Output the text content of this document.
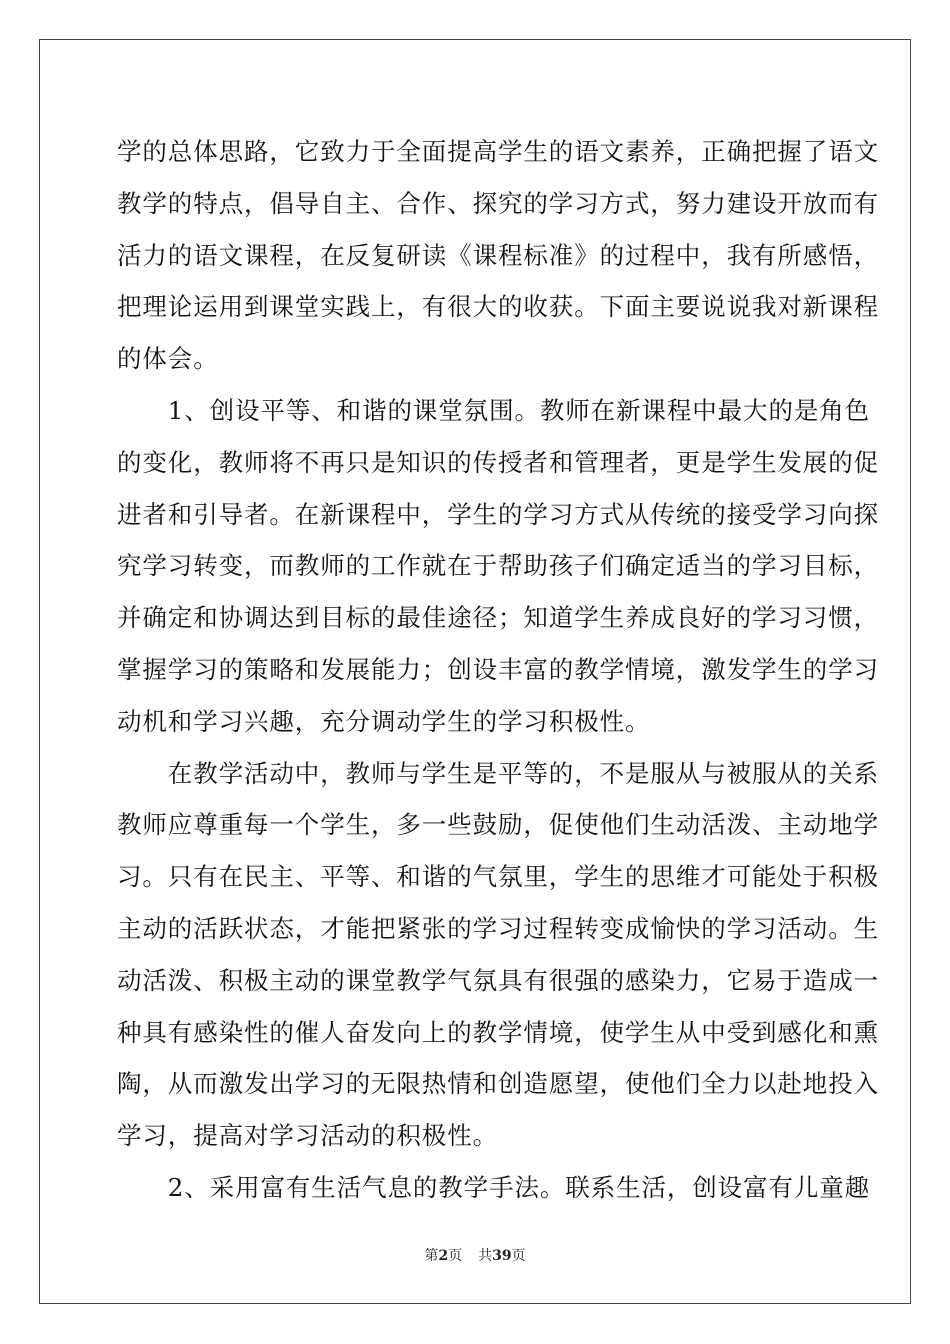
学的总体思路，它致力于全面提高学生的语文素养，正确把握了语文
教学的特点，倡导自主、合作、探究的学习方式，努力建设开放而有
活力的语文课程，在反复研读《课程标准》的过程中，我有所感悟，
把理论运用到课堂实践上，有很大的收获。下面主要说说我对新课程
的体会。
　　1、创设平等、和谐的课堂氛围。教师在新课程中最大的是角色
的变化，教师将不再只是知识的传授者和管理者，更是学生发展的促
进者和引导者。在新课程中，学生的学习方式从传统的接受学习向探
究学习转变，而教师的工作就在于帮助孩子们确定适当的学习目标，
并确定和协调达到目标的最佳途径；知道学生养成良好的学习习惯，
掌握学习的策略和发展能力；创设丰富的教学情境，激发学生的学习
动机和学习兴趣，充分调动学生的学习积极性。
　　在教学活动中，教师与学生是平等的，不是服从与被服从的关系
教师应尊重每一个学生，多一些鼓励，促使他们生动活泼、主动地学
习。只有在民主、平等、和谐的气氛里，学生的思维才可能处于积极
主动的活跃状态，才能把紧张的学习过程转变成愉快的学习活动。生
动活泼、积极主动的课堂教学气氛具有很强的感染力，它易于造成一
种具有感染性的催人奋发向上的教学情境，使学生从中受到感化和熏
陶，从而激发出学习的无限热情和创造愿望，使他们全力以赴地投入
学习，提高对学习活动的积极性。
　　2、采用富有生活气息的教学手法。联系生活，创设富有儿童趣
第2页 共39页
